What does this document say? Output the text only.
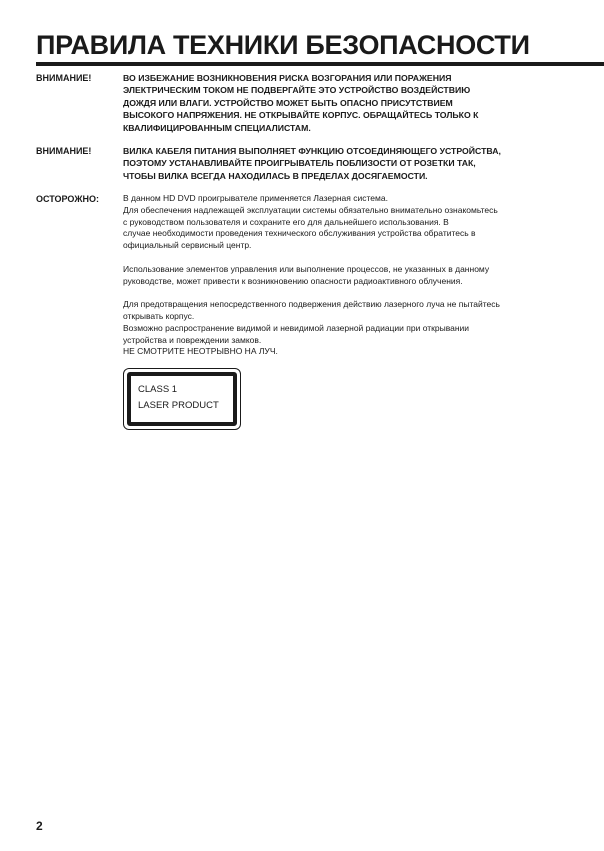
ПРАВИЛА ТЕХНИКИ БЕЗОПАСНОСТИ
ВНИМАНИЕ!	ВО ИЗБЕЖАНИЕ ВОЗНИКНОВЕНИЯ РИСКА ВОЗГОРАНИЯ ИЛИ ПОРАЖЕНИЯ

ЭЛЕКТРИЧЕСКИМ ТОКОМ НЕ ПОДВЕРГАЙТЕ ЭТО УСТРОЙСТВО ВОЗДЕЙСТВИЮ

ДОЖДЯ ИЛИ ВЛАГИ. УСТРОЙСТВО МОЖЕТ БЫТЬ ОПАСНО ПРИСУТСТВИЕМ

ВЫСОКОГО НАПРЯЖЕНИЯ. НЕ ОТКРЫВАЙТЕ КОРПУС. ОБРАЩАЙТЕСЬ ТОЛЬКО К

КВАЛИФИЦИРОВАННЫМ СПЕЦИАЛИСТАМ.

ВНИМАНИЕ!	ВИЛКА КАБЕЛЯ ПИТАНИЯ ВЫПОЛНЯЕТ ФУНКЦИЮ ОТСОЕДИНЯЮЩЕГО УСТРОЙСТВА,

ПОЭТОМУ УСТАНАВЛИВАЙТЕ ПРОИГРЫВАТЕЛЬ ПОБЛИЗОСТИ ОТ РОЗЕТКИ ТАК,

ЧТОБЫ ВИЛКА ВСЕГДА НАХОДИЛАСЬ В ПРЕДЕЛАХ ДОСЯГАЕМОСТИ.

ОСТОРОЖНО:	В данном HD DVD проигрывателе применяется Лазерная система.

Для обеспечения надлежащей эксплуатации системы обязательно внимательно ознакомьтесь

с руководством пользователя и сохраните его для дальнейшего использования. В

случае необходимости проведения технического обслуживания устройства обратитесь в

официальный сервисный центр.

Использование элементов управления или выполнение процессов, не указанных в данному

руководстве, может привести к возникновению опасности радиоактивного облучения.

Для предотвращения непосредственного подвержения действию лазерного луча не пытайтесь

открывать корпус.

Возможно распространение видимой и невидимой лазерной радиации при открывании

устройства и повреждении замков.

НЕ СМОТРИТЕ НЕОТРЫВНО НА ЛУЧ.

CLASS 1
LASER PRODUCT
2
